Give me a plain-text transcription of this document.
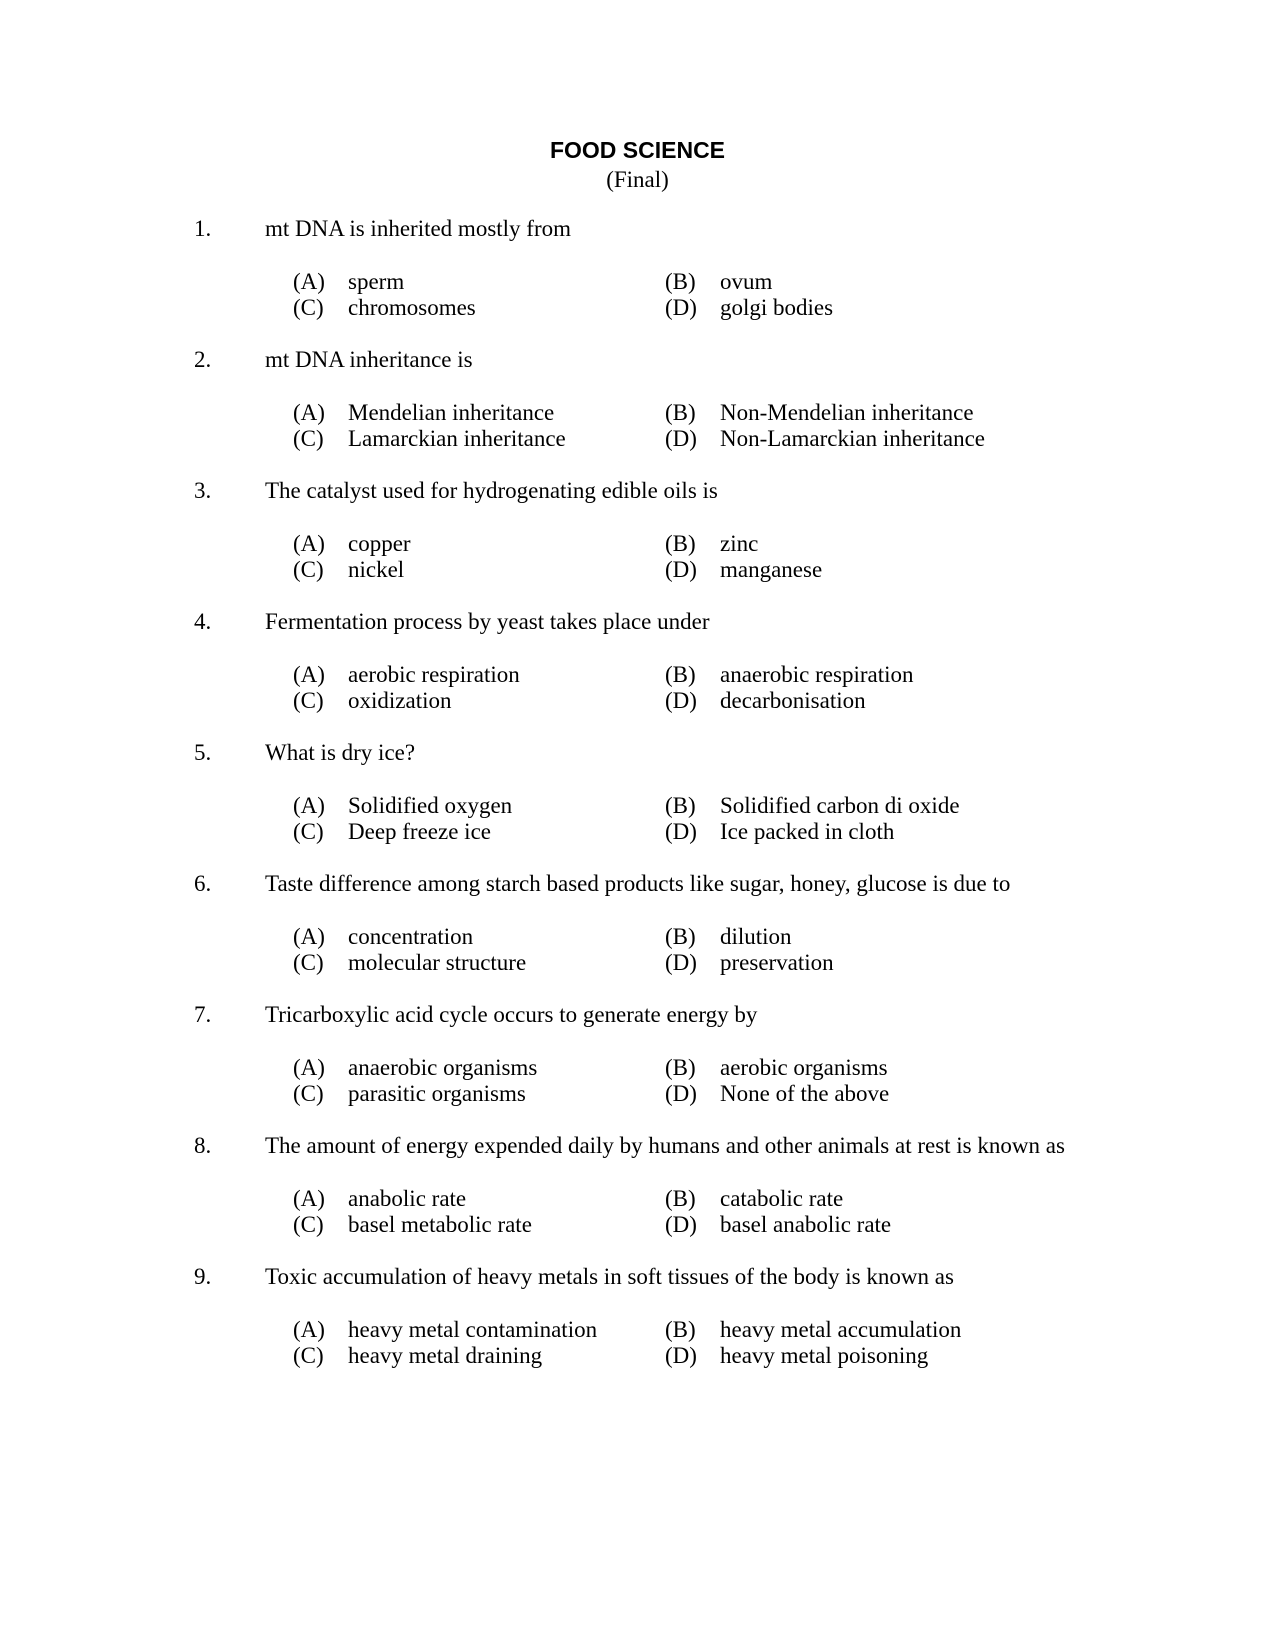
FOOD SCIENCE
(Final)
1. mt DNA is inherited mostly from
(A) sperm	(B) ovum
(C) chromosomes	(D) golgi bodies
2. mt DNA inheritance is
(A) Mendelian inheritance	(B) Non-Mendelian inheritance
(C) Lamarckian inheritance	(D) Non-Lamarckian inheritance
3. The catalyst used for hydrogenating edible oils is
(A) copper	(B) zinc
(C) nickel	(D) manganese
4. Fermentation process by yeast takes place under
(A) aerobic respiration	(B) anaerobic respiration
(C) oxidization	(D) decarbonisation
5. What is dry ice?
(A) Solidified oxygen	(B) Solidified carbon di oxide
(C) Deep freeze ice	(D) Ice packed in cloth
6. Taste difference among starch based products like sugar, honey, glucose is due to
(A) concentration	(B) dilution
(C) molecular structure	(D) preservation
7. Tricarboxylic acid cycle occurs to generate energy by
(A) anaerobic organisms	(B) aerobic organisms
(C) parasitic organisms	(D) None of the above
8. The amount of energy expended daily by humans and other animals at rest is known as
(A) anabolic rate	(B) catabolic rate
(C) basel metabolic rate	(D) basel anabolic rate
9. Toxic accumulation of heavy metals in soft tissues of the body is known as
(A) heavy metal contamination	(B) heavy metal accumulation
(C) heavy metal draining	(D) heavy metal poisoning
